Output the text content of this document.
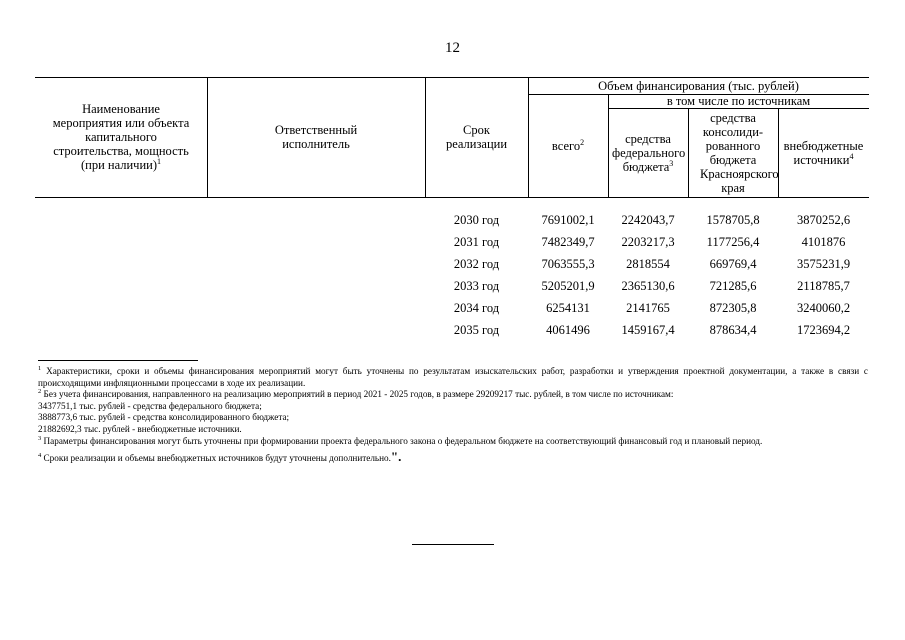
12
Наименование мероприятия или объекта капитального строительства, мощность (при наличии)$^1$
Ответственный исполнитель
Срок реализации
Объем финансирования (тыс. рублей)
в том числе по источникам
всего$^2$	средства федерального бюджета$^3$
средства консолиди-рованного бюджета Красноярского края
внебюджетные источники$^4$
2030 год	7691002,1	2242043,7	1578705,8	3870252,6
2031 год	7482349,7	2203217,3	1177256,4	4101876
2032 год	7063555,3	2818554	669769,4	3575231,9
2033 год	5205201,9	2365130,6	721285,6	2118785,7
2034 год	6254131	2141765	872305,8	3240060,2
2035 год	4061496	1459167,4	878634,4	1723694,2

$^1$ Характеристики, сроки и объемы финансирования мероприятий могут быть уточнены по результатам изыскательских работ, разработки и утверждения проектной документации, а также в связи с происходящими инфляционными процессами в ходе их реализации.

$^2$ Без учета финансирования, направленного на реализацию мероприятий в период 2021 - 2025 годов, в размере 29209217 тыс. рублей, в том числе по источникам:

3437751,1 тыс. рублей - средства федерального бюджета;

3888773,6 тыс. рублей - средства консолидированного бюджета;

21882692,3 тыс. рублей - внебюджетные источники.

$^3$ Параметры финансирования могут быть уточнены при формировании проекта федерального закона о федеральном бюджете на соответствующий финансовый год и плановый период.

$^4$ Сроки реализации и объемы внебюджетных источников будут уточнены дополнительно.".
